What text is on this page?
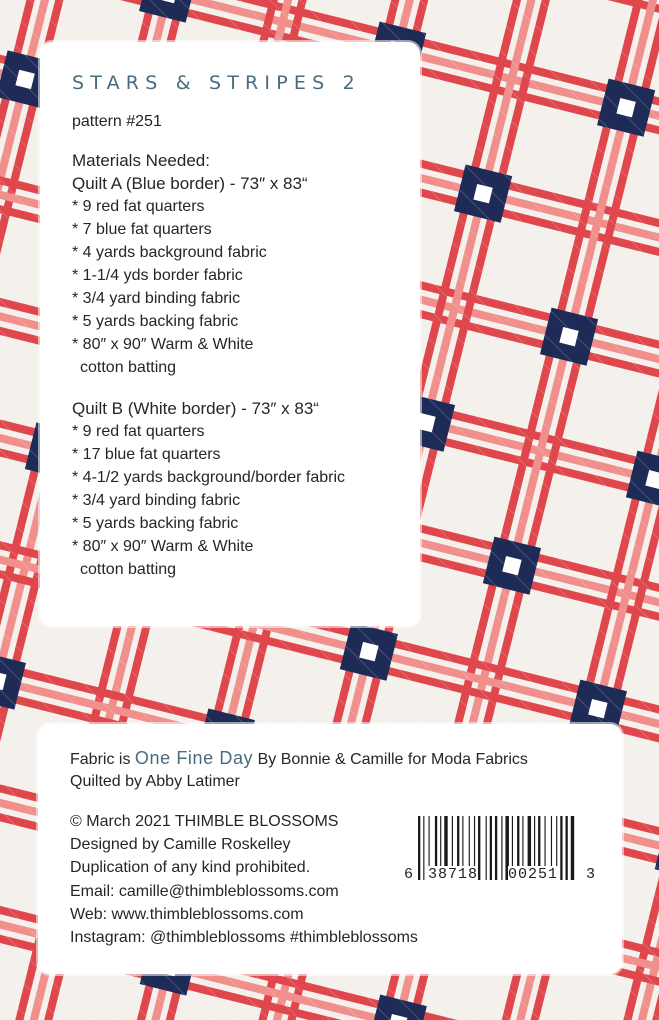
STARS & STRIPES 2
pattern #251
Materials Needed:
Quilt A (Blue border) - 73″ x 83“
* 9 red fat quarters
* 7 blue fat quarters
* 4 yards background fabric
* 1-1/4 yds border fabric
* 3/4 yard binding fabric
* 5 yards backing fabric
* 80″ x 90″ Warm & White
cotton batting
Quilt B (White border) - 73″ x 83“
* 9 red fat quarters
* 17 blue fat quarters
* 4-1/2 yards background/border fabric
* 3/4 yard binding fabric
* 5 yards backing fabric
* 80″ x 90″ Warm & White
cotton batting
Fabric is One Fine Day By Bonnie & Camille for Moda Fabrics
Quilted by Abby Latimer
© March 2021 THIMBLE BLOSSOMS
Designed by Camille Roskelley
Duplication of any kind prohibited.
Email: camille@thimbleblossoms.com
Web: www.thimbleblossoms.com
Instagram: @thimbleblossoms #thimbleblossoms
6 38718 00251 3
